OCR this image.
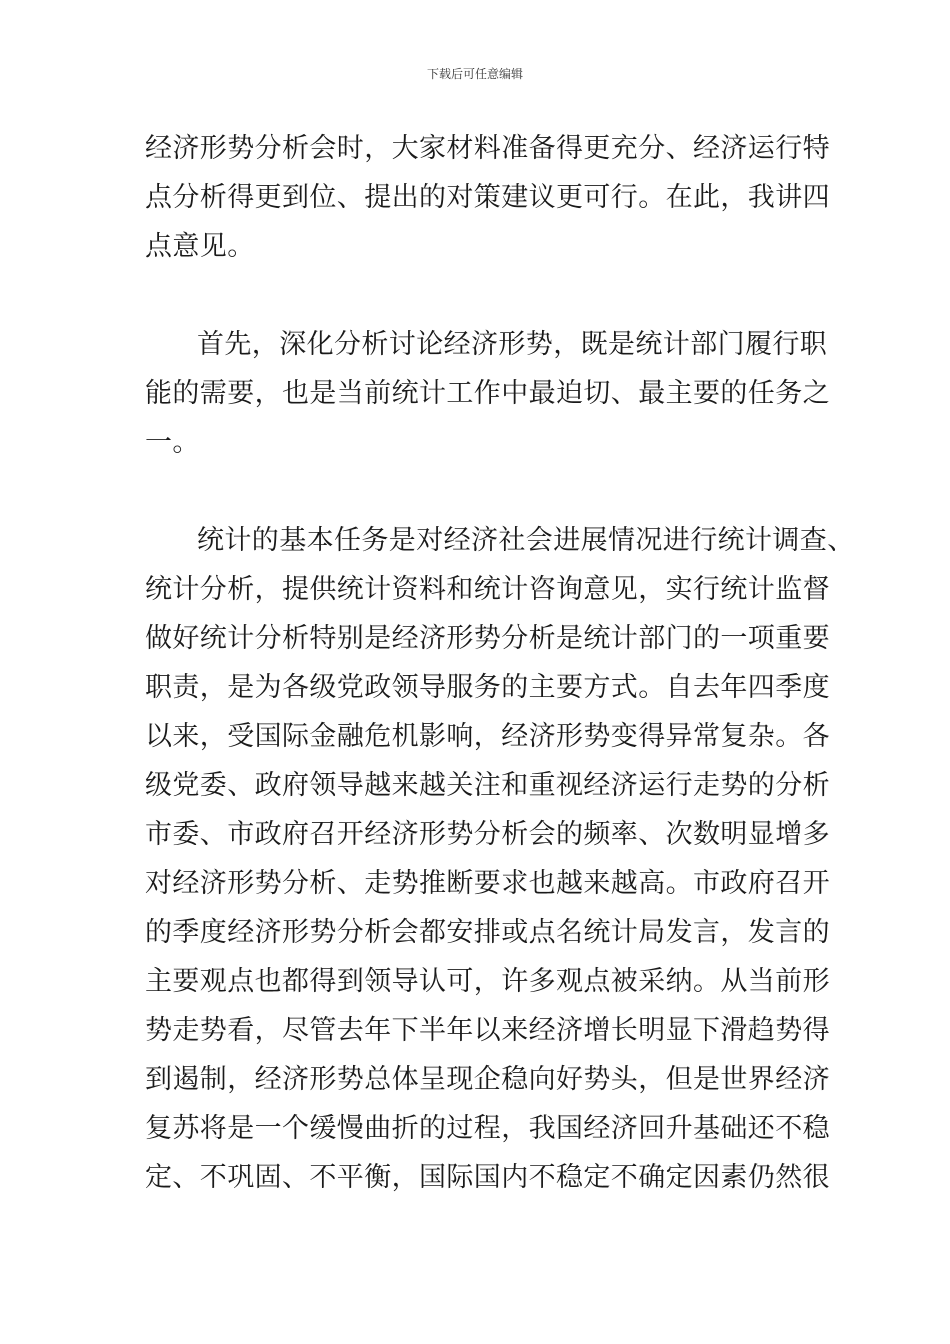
下载后可任意编辑
经济形势分析会时，大家材料准备得更充分、经济运行特
点分析得更到位、提出的对策建议更可行。在此，我讲四
点意见。
首先，深化分析讨论经济形势，既是统计部门履行职
能的需要，也是当前统计工作中最迫切、最主要的任务之
一。
统计的基本任务是对经济社会进展情况进行统计调查、
统计分析，提供统计资料和统计咨询意见，实行统计监督
做好统计分析特别是经济形势分析是统计部门的一项重要
职责，是为各级党政领导服务的主要方式。自去年四季度
以来，受国际金融危机影响，经济形势变得异常复杂。各
级党委、政府领导越来越关注和重视经济运行走势的分析
市委、市政府召开经济形势分析会的频率、次数明显增多
对经济形势分析、走势推断要求也越来越高。市政府召开
的季度经济形势分析会都安排或点名统计局发言，发言的
主要观点也都得到领导认可，许多观点被采纳。从当前形
势走势看，尽管去年下半年以来经济增长明显下滑趋势得
到遏制，经济形势总体呈现企稳向好势头，但是世界经济
复苏将是一个缓慢曲折的过程，我国经济回升基础还不稳
定、不巩固、不平衡，国际国内不稳定不确定因素仍然很
